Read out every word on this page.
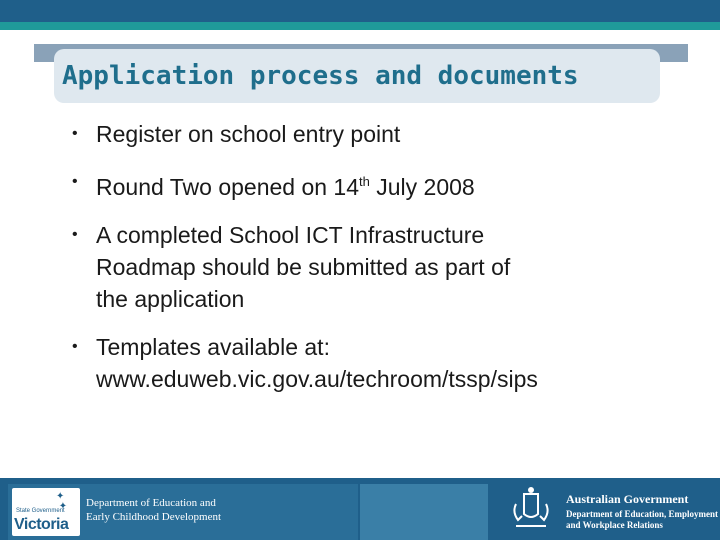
Application process and documents
• Register on school entry point
• Round Two opened on 14th July 2008
• A completed School ICT Infrastructure
Roadmap should be submitted as part of
the application
• Templates available at:
www.eduweb.vic.gov.au/techroom/tssp/sips
✦
✦
State Government
Victoria
Department of Education and
Early Childhood Development
Australian Government
Department of Education, Employment
and Workplace Relations
